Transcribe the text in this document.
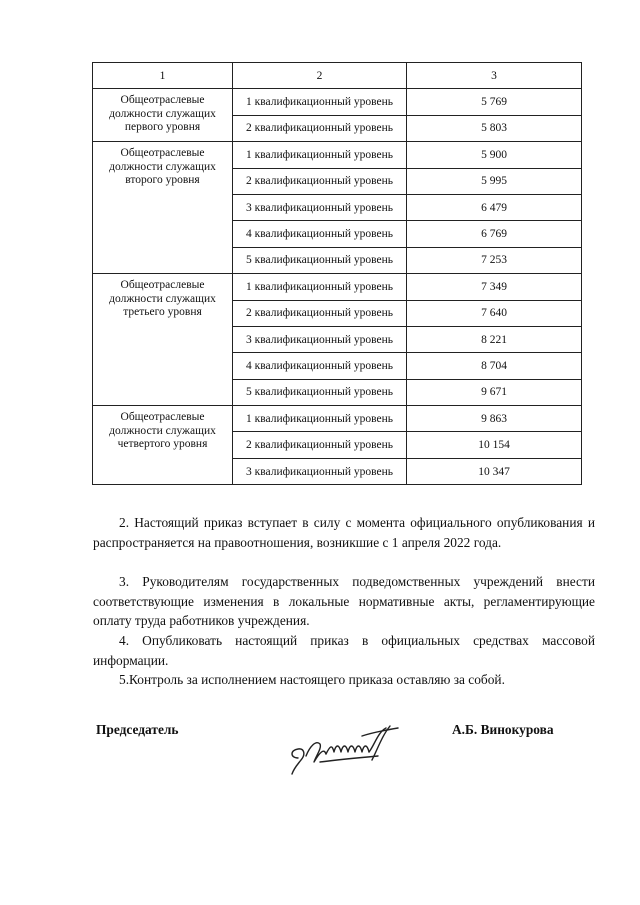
1	2	3

Общеотраслевые
должности служащих
первого уровня	1 квалификационный уровень	5 769
	2 квалификационный уровень	5 803

Общеотраслевые
должности служащих
второго уровня	1 квалификационный уровень	5 900
	2 квалификационный уровень	5 995
	3 квалификационный уровень	6 479
	4 квалификационный уровень	6 769
	5 квалификационный уровень	7 253

Общеотраслевые
должности служащих
третьего уровня	1 квалификационный уровень	7 349
	2 квалификационный уровень	7 640
	3 квалификационный уровень	8 221
	4 квалификационный уровень	8 704
	5 квалификационный уровень	9 671

Общеотраслевые
должности служащих
четвертого уровня	1 квалификационный уровень	9 863
	2 квалификационный уровень	10 154
	3 квалификационный уровень	10 347

2. Настоящий приказ вступает в силу с момента официального опубликования и распространяется на правоотношения, возникшие с 1 апреля 2022 года.

3. Руководителям государственных подведомственных учреждений внести соответствующие изменения в локальные нормативные акты, регламентирующие оплату труда работников учреждения.

4. Опубликовать настоящий приказ в официальных средствах массовой информации.

5.Контроль за исполнением настоящего приказа оставляю за собой.

Председатель	А.Б. Винокурова
